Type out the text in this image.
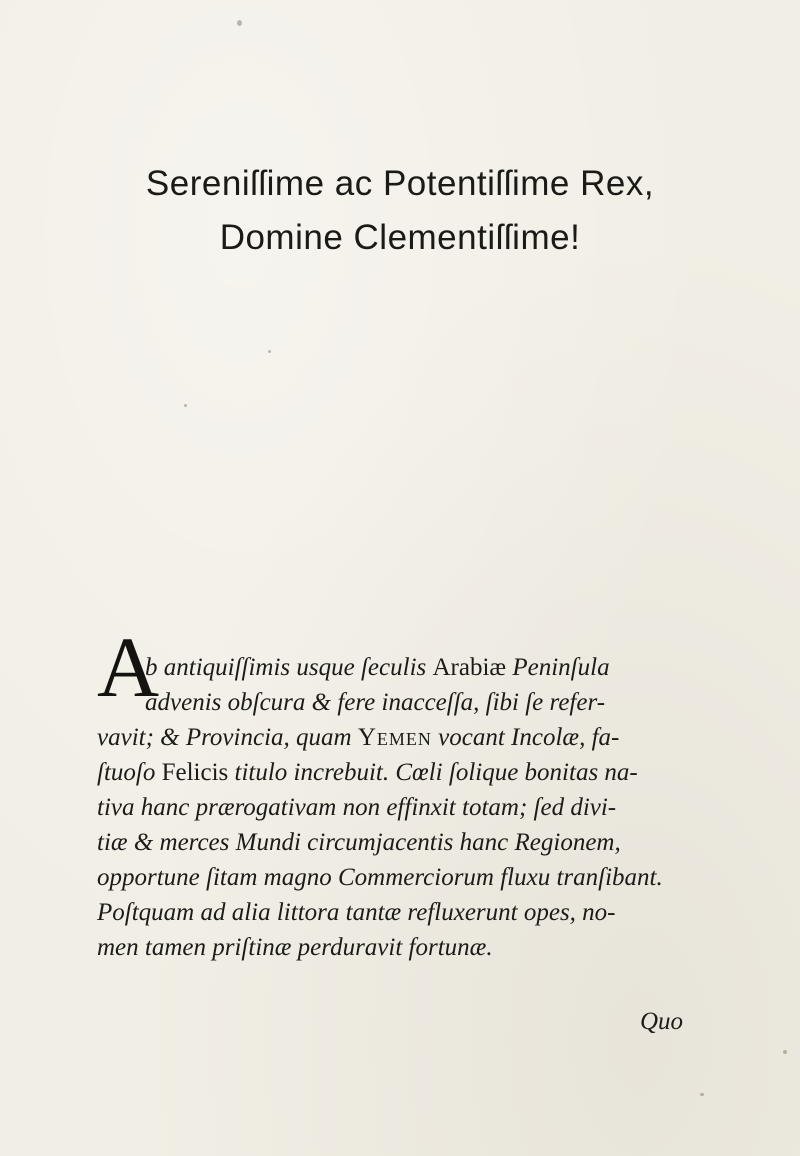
Sereniſſime ac Potentiſſime Rex,
Domine Clementiſſime!
A
b antiquiſſimis usque ſeculis Arabiæ Peninſula
advenis obſcura & fere inacceſſa, ſibi ſe refer-
vavit; & Provincia, quam Yemen vocant Incolæ, fa-
ſtuoſo Felicis titulo increbuit. Cœli ſolique bonitas na-
tiva hanc prærogativam non effinxit totam; ſed divi-
tiæ & merces Mundi circumjacentis hanc Regionem,
opportune ſitam magno Commerciorum fluxu tranſibant.
Poſtquam ad alia littora tantæ refluxerunt opes, no-
men tamen priſtinæ perduravit fortunæ.
Quo
